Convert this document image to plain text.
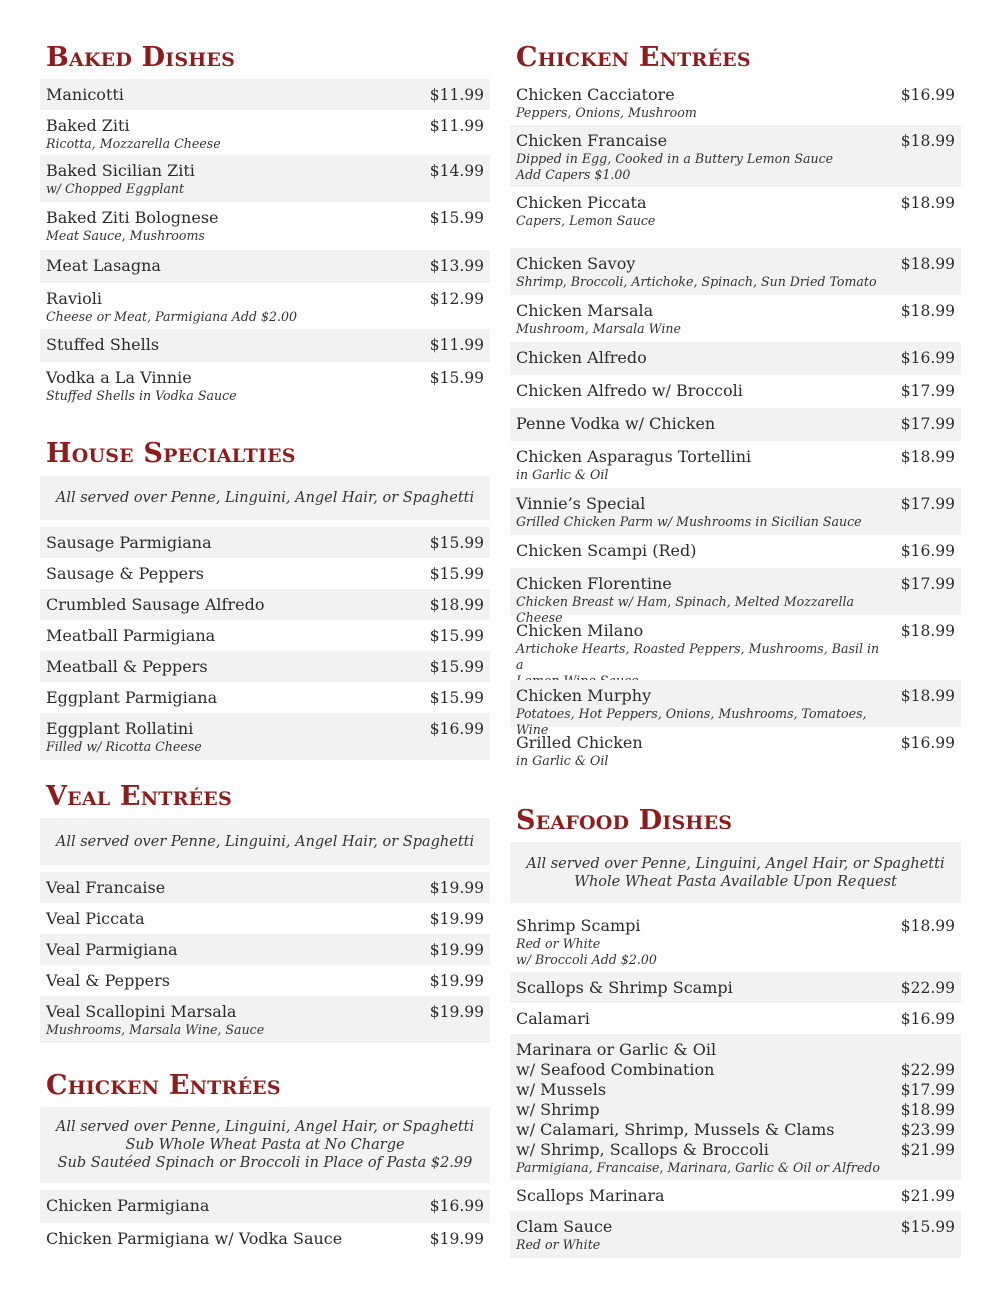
Baked Dishes
Manicotti	$11.99
Baked Ziti	$11.99
Ricotta, Mozzarella Cheese
Baked Sicilian Ziti	$14.99
w/ Chopped Eggplant
Baked Ziti Bolognese	$15.99
Meat Sauce, Mushrooms
Meat Lasagna	$13.99
Ravioli	$12.99
Cheese or Meat, Parmigiana Add $2.00
Stuffed Shells	$11.99
Vodka a La Vinnie	$15.99
Stuffed Shells in Vodka Sauce
House Specialties
All served over Penne, Linguini, Angel Hair, or Spaghetti
Sausage Parmigiana	$15.99
Sausage & Peppers	$15.99
Crumbled Sausage Alfredo	$18.99
Meatball Parmigiana	$15.99
Meatball & Peppers	$15.99
Eggplant Parmigiana	$15.99
Eggplant Rollatini	$16.99
Filled w/ Ricotta Cheese
Veal Entrées
All served over Penne, Linguini, Angel Hair, or Spaghetti
Veal Francaise	$19.99
Veal Piccata	$19.99
Veal Parmigiana	$19.99
Veal & Peppers	$19.99
Veal Scallopini Marsala	$19.99
Mushrooms, Marsala Wine, Sauce
Chicken Entrées
All served over Penne, Linguini, Angel Hair, or Spaghetti
Sub Whole Wheat Pasta at No Charge
Sub Sautéed Spinach or Broccoli in Place of Pasta $2.99
Chicken Parmigiana	$16.99
Chicken Parmigiana w/ Vodka Sauce	$19.99
Chicken Entrées
Chicken Cacciatore	$16.99
Peppers, Onions, Mushroom
Chicken Francaise	$18.99
Dipped in Egg, Cooked in a Buttery Lemon Sauce
Add Capers $1.00
Chicken Piccata	$18.99
Capers, Lemon Sauce
Chicken Savoy	$18.99
Shrimp, Broccoli, Artichoke, Spinach, Sun Dried Tomato
Chicken Marsala	$18.99
Mushroom, Marsala Wine
Chicken Alfredo	$16.99
Chicken Alfredo w/ Broccoli	$17.99
Penne Vodka w/ Chicken	$17.99
Chicken Asparagus Tortellini	$18.99
in Garlic & Oil
Vinnie’s Special	$17.99
Grilled Chicken Parm w/ Mushrooms in Sicilian Sauce
Chicken Scampi (Red)	$16.99
Chicken Florentine	$17.99
Chicken Breast w/ Ham, Spinach, Melted Mozzarella Cheese
Chicken Milano	$18.99
Artichoke Hearts, Roasted Peppers, Mushrooms, Basil in a
Chicken Murphy	$18.99
Potatoes, Hot Peppers, Onions, Mushrooms, Tomatoes, Wine
Grilled Chicken	$16.99
in Garlic & Oil
Seafood Dishes
All served over Penne, Linguini, Angel Hair, or Spaghetti
Whole Wheat Pasta Available Upon Request
Shrimp Scampi	$18.99
Red or White
w/ Broccoli Add $2.00
Scallops & Shrimp Scampi	$22.99
Calamari	$16.99
Marinara or Garlic & Oil
w/ Seafood Combination	$22.99
w/ Mussels	$17.99
w/ Shrimp	$18.99
w/ Calamari, Shrimp, Mussels & Clams	$23.99
w/ Shrimp, Scallops & Broccoli	$21.99
Parmigiana, Francaise, Marinara, Garlic & Oil or Alfredo
Scallops Marinara	$21.99
Clam Sauce	$15.99
Red or White
